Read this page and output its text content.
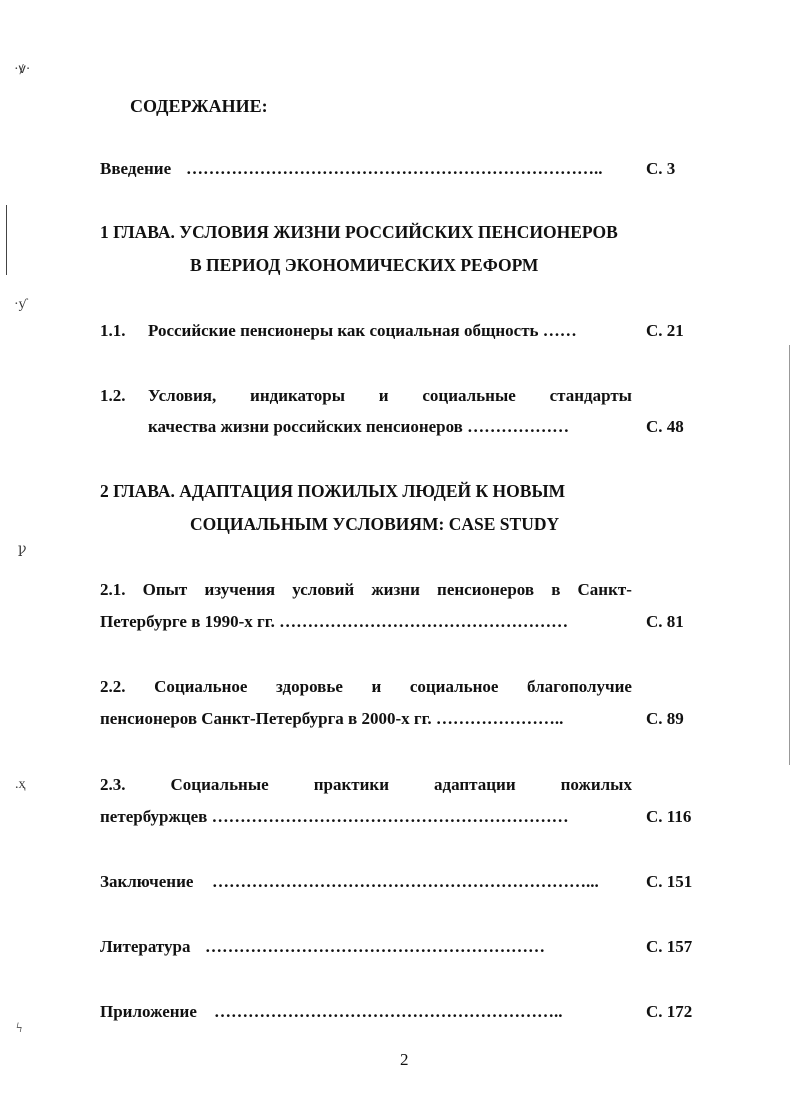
·ꝟ·
·ƴ
ꝩ
.ҳ
ϟ
СОДЕРЖАНИЕ:
Введение ………………………………………………………………..	С. 3
1 ГЛАВА. УСЛОВИЯ ЖИЗНИ РОССИЙСКИХ ПЕНСИОНЕРОВ
В ПЕРИОД ЭКОНОМИЧЕСКИХ РЕФОРМ
1.1. Российские пенсионеры как социальная общность ……	С. 21
1.2. Условия, индикаторы и социальные стандарты
качества жизни российских пенсионеров ………………	С. 48
2 ГЛАВА. АДАПТАЦИЯ ПОЖИЛЫХ ЛЮДЕЙ К НОВЫМ
СОЦИАЛЬНЫМ УСЛОВИЯМ: CASE STUDY
2.1. Опыт изучения условий жизни пенсионеров в Санкт-
Петербурге в 1990-х гг. ……………………………………………	С. 81
2.2. Социальное здоровье и социальное благополучие
пенсионеров Санкт-Петербурга в 2000-х гг. …………………..	С. 89
2.3.	Социальные	практики	адаптации	пожилых
петербуржцев ………………………………………………………	С. 116
Заключение …………………………………………………………...	С. 151
Литература ……………………………………………………	С. 157
Приложение ……………………………………………………..	С. 172
2
